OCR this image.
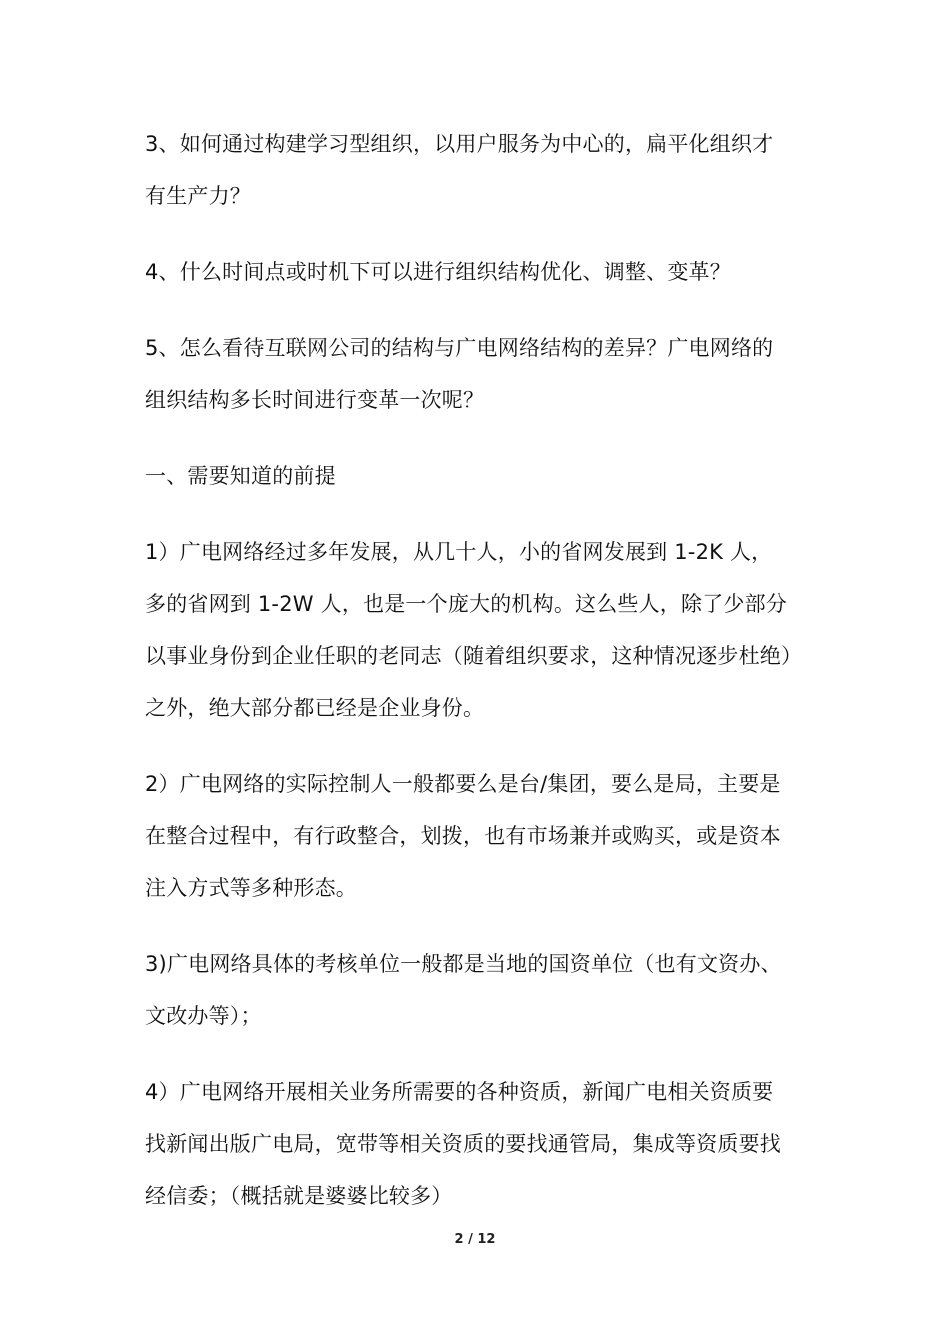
3、如何通过构建学习型组织，以用户服务为中心的，扁平化组织才
有生产力？

4、什么时间点或时机下可以进行组织结构优化、调整、变革？

5、怎么看待互联网公司的结构与广电网络结构的差异？广电网络的
组织结构多长时间进行变革一次呢？

一、需要知道的前提

1）广电网络经过多年发展，从几十人，小的省网发展到 1-2K 人，
多的省网到 1-2W 人，也是一个庞大的机构。这么些人，除了少部分
以事业身份到企业任职的老同志（随着组织要求，这种情况逐步杜绝）
之外，绝大部分都已经是企业身份。

2）广电网络的实际控制人一般都要么是台/集团，要么是局，主要是
在整合过程中，有行政整合，划拨，也有市场兼并或购买，或是资本
注入方式等多种形态。

3)广电网络具体的考核单位一般都是当地的国资单位（也有文资办、
文改办等）；

4）广电网络开展相关业务所需要的各种资质，新闻广电相关资质要
找新闻出版广电局，宽带等相关资质的要找通管局，集成等资质要找
经信委；（概括就是婆婆比较多）

2 / 12
